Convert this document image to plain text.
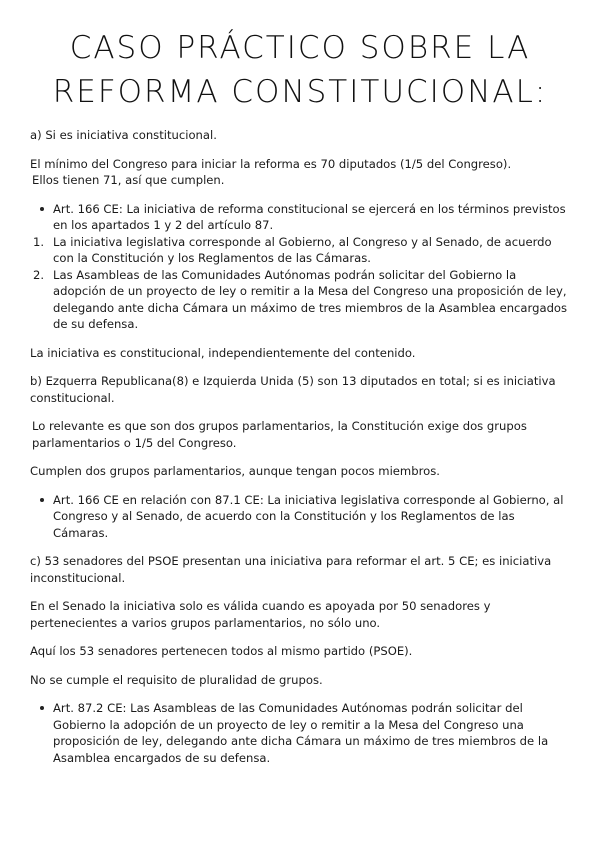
CASO PRÁCTICO SOBRE LA
REFORMA CONSTITUCIONAL:

a) Si es iniciativa constitucional.

El mínimo del Congreso para iniciar la reforma es 70 diputados (1/5 del Congreso).
Ellos tienen 71, así que cumplen.

Art. 166 CE: La iniciativa de reforma constitucional se ejercerá en los términos previstos en los apartados 1 y 2 del artículo 87.
1. La iniciativa legislativa corresponde al Gobierno, al Congreso y al Senado, de acuerdo con la Constitución y los Reglamentos de las Cámaras.
2. Las Asambleas de las Comunidades Autónomas podrán solicitar del Gobierno la adopción de un proyecto de ley o remitir a la Mesa del Congreso una proposición de ley, delegando ante dicha Cámara un máximo de tres miembros de la Asamblea encargados de su defensa.

La iniciativa es constitucional, independientemente del contenido.

b) Ezquerra Republicana(8) e Izquierda Unida (5) son 13 diputados en total; si es iniciativa constitucional.

Lo relevante es que son dos grupos parlamentarios, la Constitución exige dos grupos parlamentarios o 1/5 del Congreso.

Cumplen dos grupos parlamentarios, aunque tengan pocos miembros.

Art. 166 CE en relación con 87.1 CE: La iniciativa legislativa corresponde al Gobierno, al Congreso y al Senado, de acuerdo con la Constitución y los Reglamentos de las Cámaras.

c) 53 senadores del PSOE presentan una iniciativa para reformar el art. 5 CE; es iniciativa inconstitucional.

En el Senado la iniciativa solo es válida cuando es apoyada por 50 senadores y pertenecientes a varios grupos parlamentarios, no sólo uno.

Aquí los 53 senadores pertenecen todos al mismo partido (PSOE).

No se cumple el requisito de pluralidad de grupos.

Art. 87.2 CE: Las Asambleas de las Comunidades Autónomas podrán solicitar del Gobierno la adopción de un proyecto de ley o remitir a la Mesa del Congreso una proposición de ley, delegando ante dicha Cámara un máximo de tres miembros de la Asamblea encargados de su defensa.
